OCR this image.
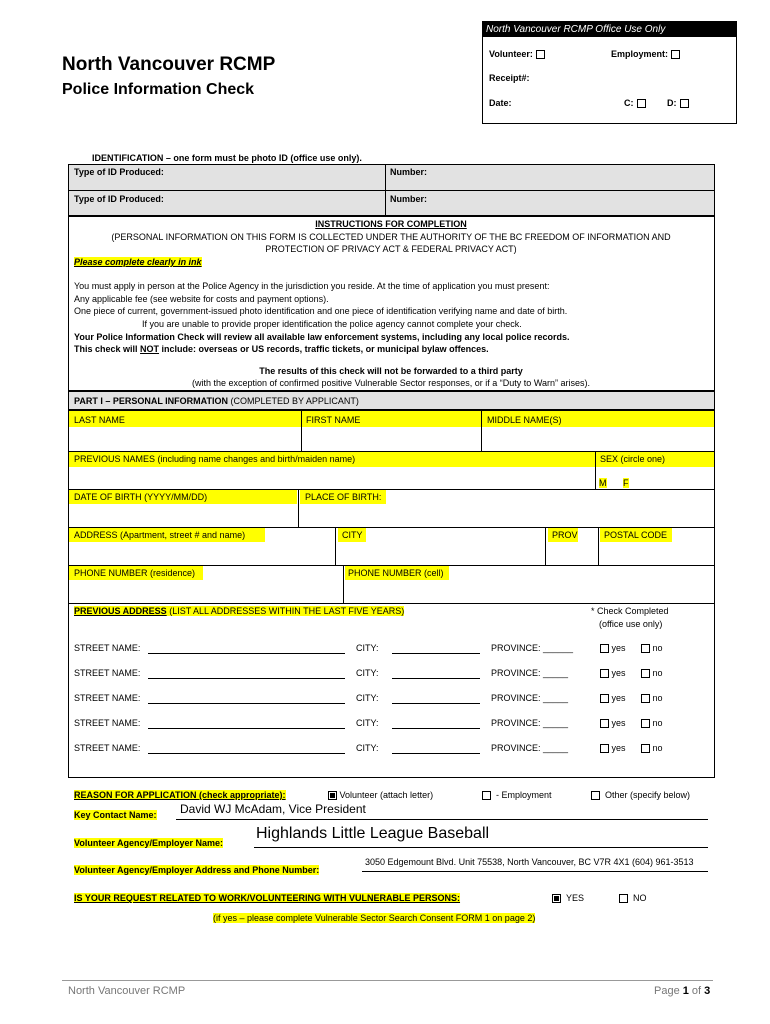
North Vancouver RCMP Office Use Only
Volunteer:	Employment:
Receipt#:
Date:	C:	D:
North Vancouver RCMP
Police Information Check
IDENTIFICATION – one form must be photo ID (office use only).
Type of ID Produced:	Number:
Type of ID Produced:	Number:
INSTRUCTIONS FOR COMPLETION
(PERSONAL INFORMATION ON THIS FORM IS COLLECTED UNDER THE AUTHORITY OF THE BC FREEDOM OF INFORMATION AND
PROTECTION OF PRIVACY ACT & FEDERAL PRIVACY ACT)
Please complete clearly in ink
You must apply in person at the Police Agency in the jurisdiction you reside. At the time of application you must present:
Any applicable fee (see website for costs and payment options).
One piece of current, government-issued photo identification and one piece of identification verifying name and date of birth.
If you are unable to provide proper identification the police agency cannot complete your check.
Your Police Information Check will review all available law enforcement systems, including any local police records.
This check will NOT include: overseas or US records, traffic tickets, or municipal bylaw offences.
The results of this check will not be forwarded to a third party
(with the exception of confirmed positive Vulnerable Sector responses, or if a “Duty to Warn” arises).
PART I – PERSONAL INFORMATION (COMPLETED BY APPLICANT)
LAST NAME	FIRST NAME	MIDDLE NAME(S)
PREVIOUS NAMES (including name changes and birth/maiden name)	SEX (circle one)
M F
DATE OF BIRTH (YYYY/MM/DD)	PLACE OF BIRTH:
ADDRESS (Apartment, street # and name)	CITY	PROV	POSTAL CODE
PHONE NUMBER (residence)	PHONE NUMBER (cell)
PREVIOUS ADDRESS (LIST ALL ADDRESSES WITHIN THE LAST FIVE YEARS)	* Check Completed
(office use only)
STREET NAME:	CITY:	PROVINCE: ______	yes	no
STREET NAME:	CITY:	PROVINCE: _____	yes	no
STREET NAME:	CITY:	PROVINCE: _____	yes	no
STREET NAME:	CITY:	PROVINCE: _____	yes	no
STREET NAME:	CITY:	PROVINCE: _____	yes	no
REASON FOR APPLICATION (check appropriate):	Volunteer (attach letter)	- Employment	Other (specify below)
Key Contact Name: David WJ McAdam, Vice President
Volunteer Agency/Employer Name:
Highlands Little League Baseball
Volunteer Agency/Employer Address and Phone Number:
3050 Edgemount Blvd. Unit 75538, North Vancouver, BC V7R 4X1 (604) 961-3513
IS YOUR REQUEST RELATED TO WORK/VOLUNTEERING WITH VULNERABLE PERSONS:	YES	NO
(if yes – please complete Vulnerable Sector Search Consent FORM 1 on page 2)
North Vancouver RCMP	Page 1 of 3
